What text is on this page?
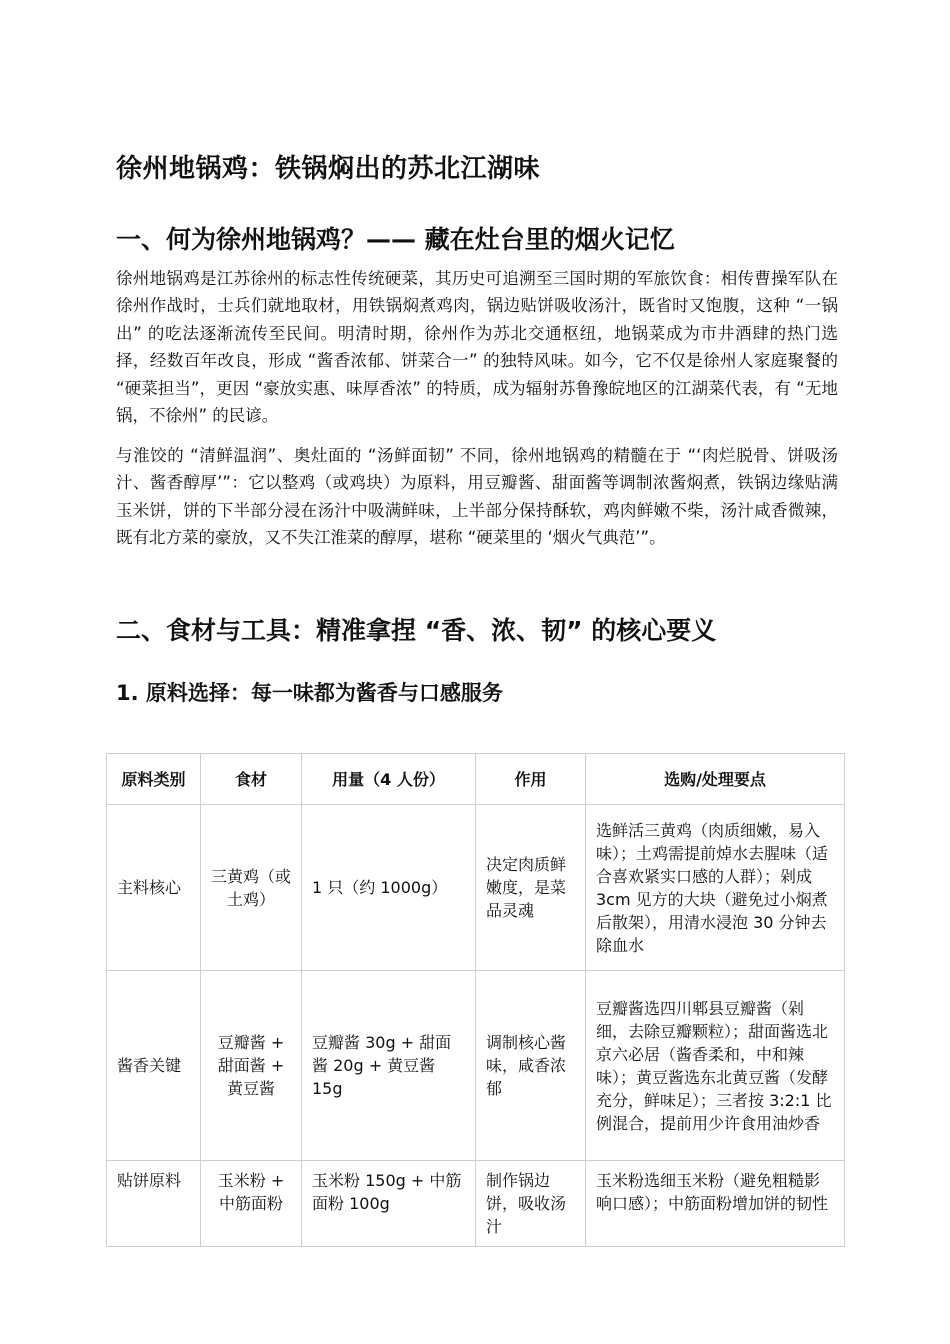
徐州地锅鸡：铁锅焖出的苏北江湖味
一、何为徐州地锅鸡？—— 藏在灶台里的烟火记忆

徐州地锅鸡是江苏徐州的标志性传统硬菜，其历史可追溯至三国时期的军旅饮食：相传曹操军队在徐州作战时，士兵们就地取材，用铁锅焖煮鸡肉，锅边贴饼吸收汤汁，既省时又饱腹，这种 “一锅出” 的吃法逐渐流传至民间。明清时期，徐州作为苏北交通枢纽，地锅菜成为市井酒肆的热门选择，经数百年改良，形成 “酱香浓郁、饼菜合一” 的独特风味。如今，它不仅是徐州人家庭聚餐的 “硬菜担当”，更因 “豪放实惠、味厚香浓” 的特质，成为辐射苏鲁豫皖地区的江湖菜代表，有 “无地锅，不徐州” 的民谚。

与淮饺的 “清鲜温润”、奥灶面的 “汤鲜面韧” 不同，徐州地锅鸡的精髓在于 “‘肉烂脱骨、饼吸汤汁、酱香醇厚’”：它以整鸡（或鸡块）为原料，用豆瓣酱、甜面酱等调制浓酱焖煮，铁锅边缘贴满玉米饼，饼的下半部分浸在汤汁中吸满鲜味，上半部分保持酥软，鸡肉鲜嫩不柴，汤汁咸香微辣，既有北方菜的豪放，又不失江淮菜的醇厚，堪称 “硬菜里的 ‘烟火气典范’”。

二、食材与工具：精准拿捏 “香、浓、韧” 的核心要义
1. 原料选择：每一味都为酱香与口感服务
原料类别	食材	用量（4 人份）	作用	选购/处理要点
主料核心	三黄鸡（或土鸡）	1 只（约 1000g）	决定肉质鲜嫩度，是菜品灵魂	选鲜活三黄鸡（肉质细嫩，易入味）；土鸡需提前焯水去腥味（适合喜欢紧实口感的人群）；剁成 3cm 见方的大块（避免过小焖煮后散架），用清水浸泡 30 分钟去除血水
酱香关键	豆瓣酱 + 甜面酱 + 黄豆酱	豆瓣酱 30g + 甜面酱 20g + 黄豆酱 15g	调制核心酱味，咸香浓郁	豆瓣酱选四川郫县豆瓣酱（剁细，去除豆瓣颗粒）；甜面酱选北京六必居（酱香柔和，中和辣味）；黄豆酱选东北黄豆酱（发酵充分，鲜味足）；三者按 3:2:1 比例混合，提前用少许食用油炒香
贴饼原料	玉米粉 + 中筋面粉	玉米粉 150g + 中筋面粉 100g	制作锅边饼，吸收汤汁	玉米粉选细玉米粉（避免粗糙影响口感）；中筋面粉增加饼的韧性
